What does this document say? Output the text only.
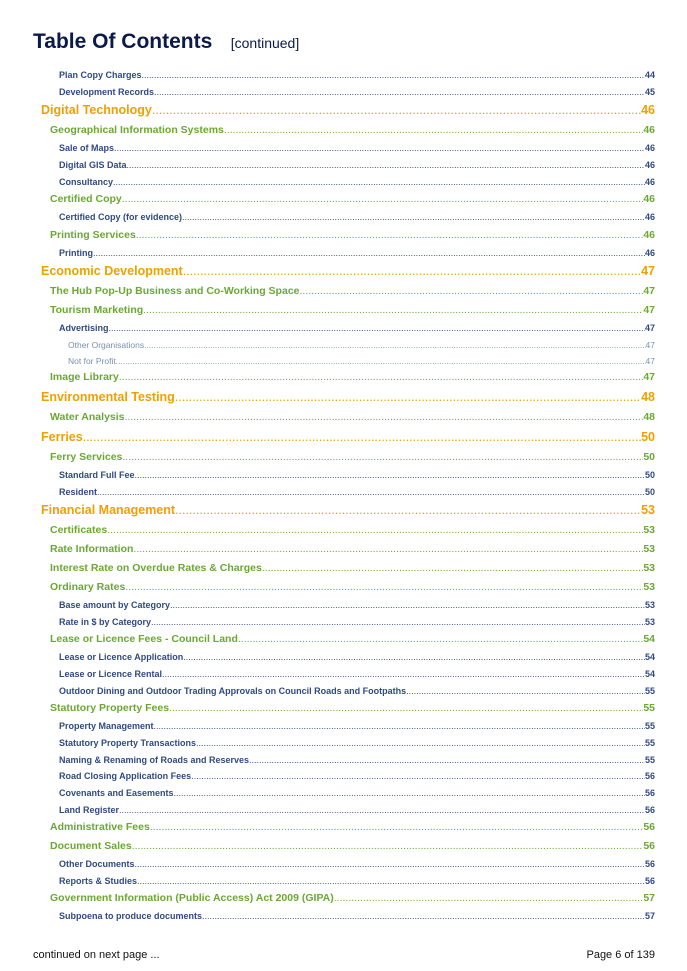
Table Of Contents [continued]
Plan Copy Charges .....	44
Development Records .....	45
Digital Technology .....	46
Geographical Information Systems .....	46
Sale of Maps .....	46
Digital GIS Data .....	46
Consultancy .....	46
Certified Copy .....	46
Certified Copy (for evidence) .....	46
Printing Services .....	46
Printing .....	46
Economic Development .....	47
The Hub Pop-Up Business and Co-Working Space .....	47
Tourism Marketing .....	47
Advertising .....	47
Other Organisations .....	47
Not for Profit .....	47
Image Library .....	47
Environmental Testing .....	48
Water Analysis .....	48
Ferries .....	50
Ferry Services .....	50
Standard Full Fee .....	50
Resident .....	50
Financial Management .....	53
Certificates .....	53
Rate Information .....	53
Interest Rate on Overdue Rates & Charges .....	53
Ordinary Rates .....	53
Base amount by Category .....	53
Rate in $ by Category .....	53
Lease or Licence Fees - Council Land .....	54
Lease or Licence Application .....	54
Lease or Licence Rental .....	54
Outdoor Dining and Outdoor Trading Approvals on Council Roads and Footpaths .....	55
Statutory Property Fees .....	55
Property Management .....	55
Statutory Property Transactions .....	55
Naming & Renaming of Roads and Reserves .....	55
Road Closing Application Fees .....	56
Covenants and Easements .....	56
Land Register .....	56
Administrative Fees .....	56
Document Sales .....	56
Other Documents .....	56
Reports & Studies .....	56
Government Information (Public Access) Act 2009 (GIPA) .....	57
Subpoena to produce documents .....	57
continued on next page ...	Page 6 of 139
